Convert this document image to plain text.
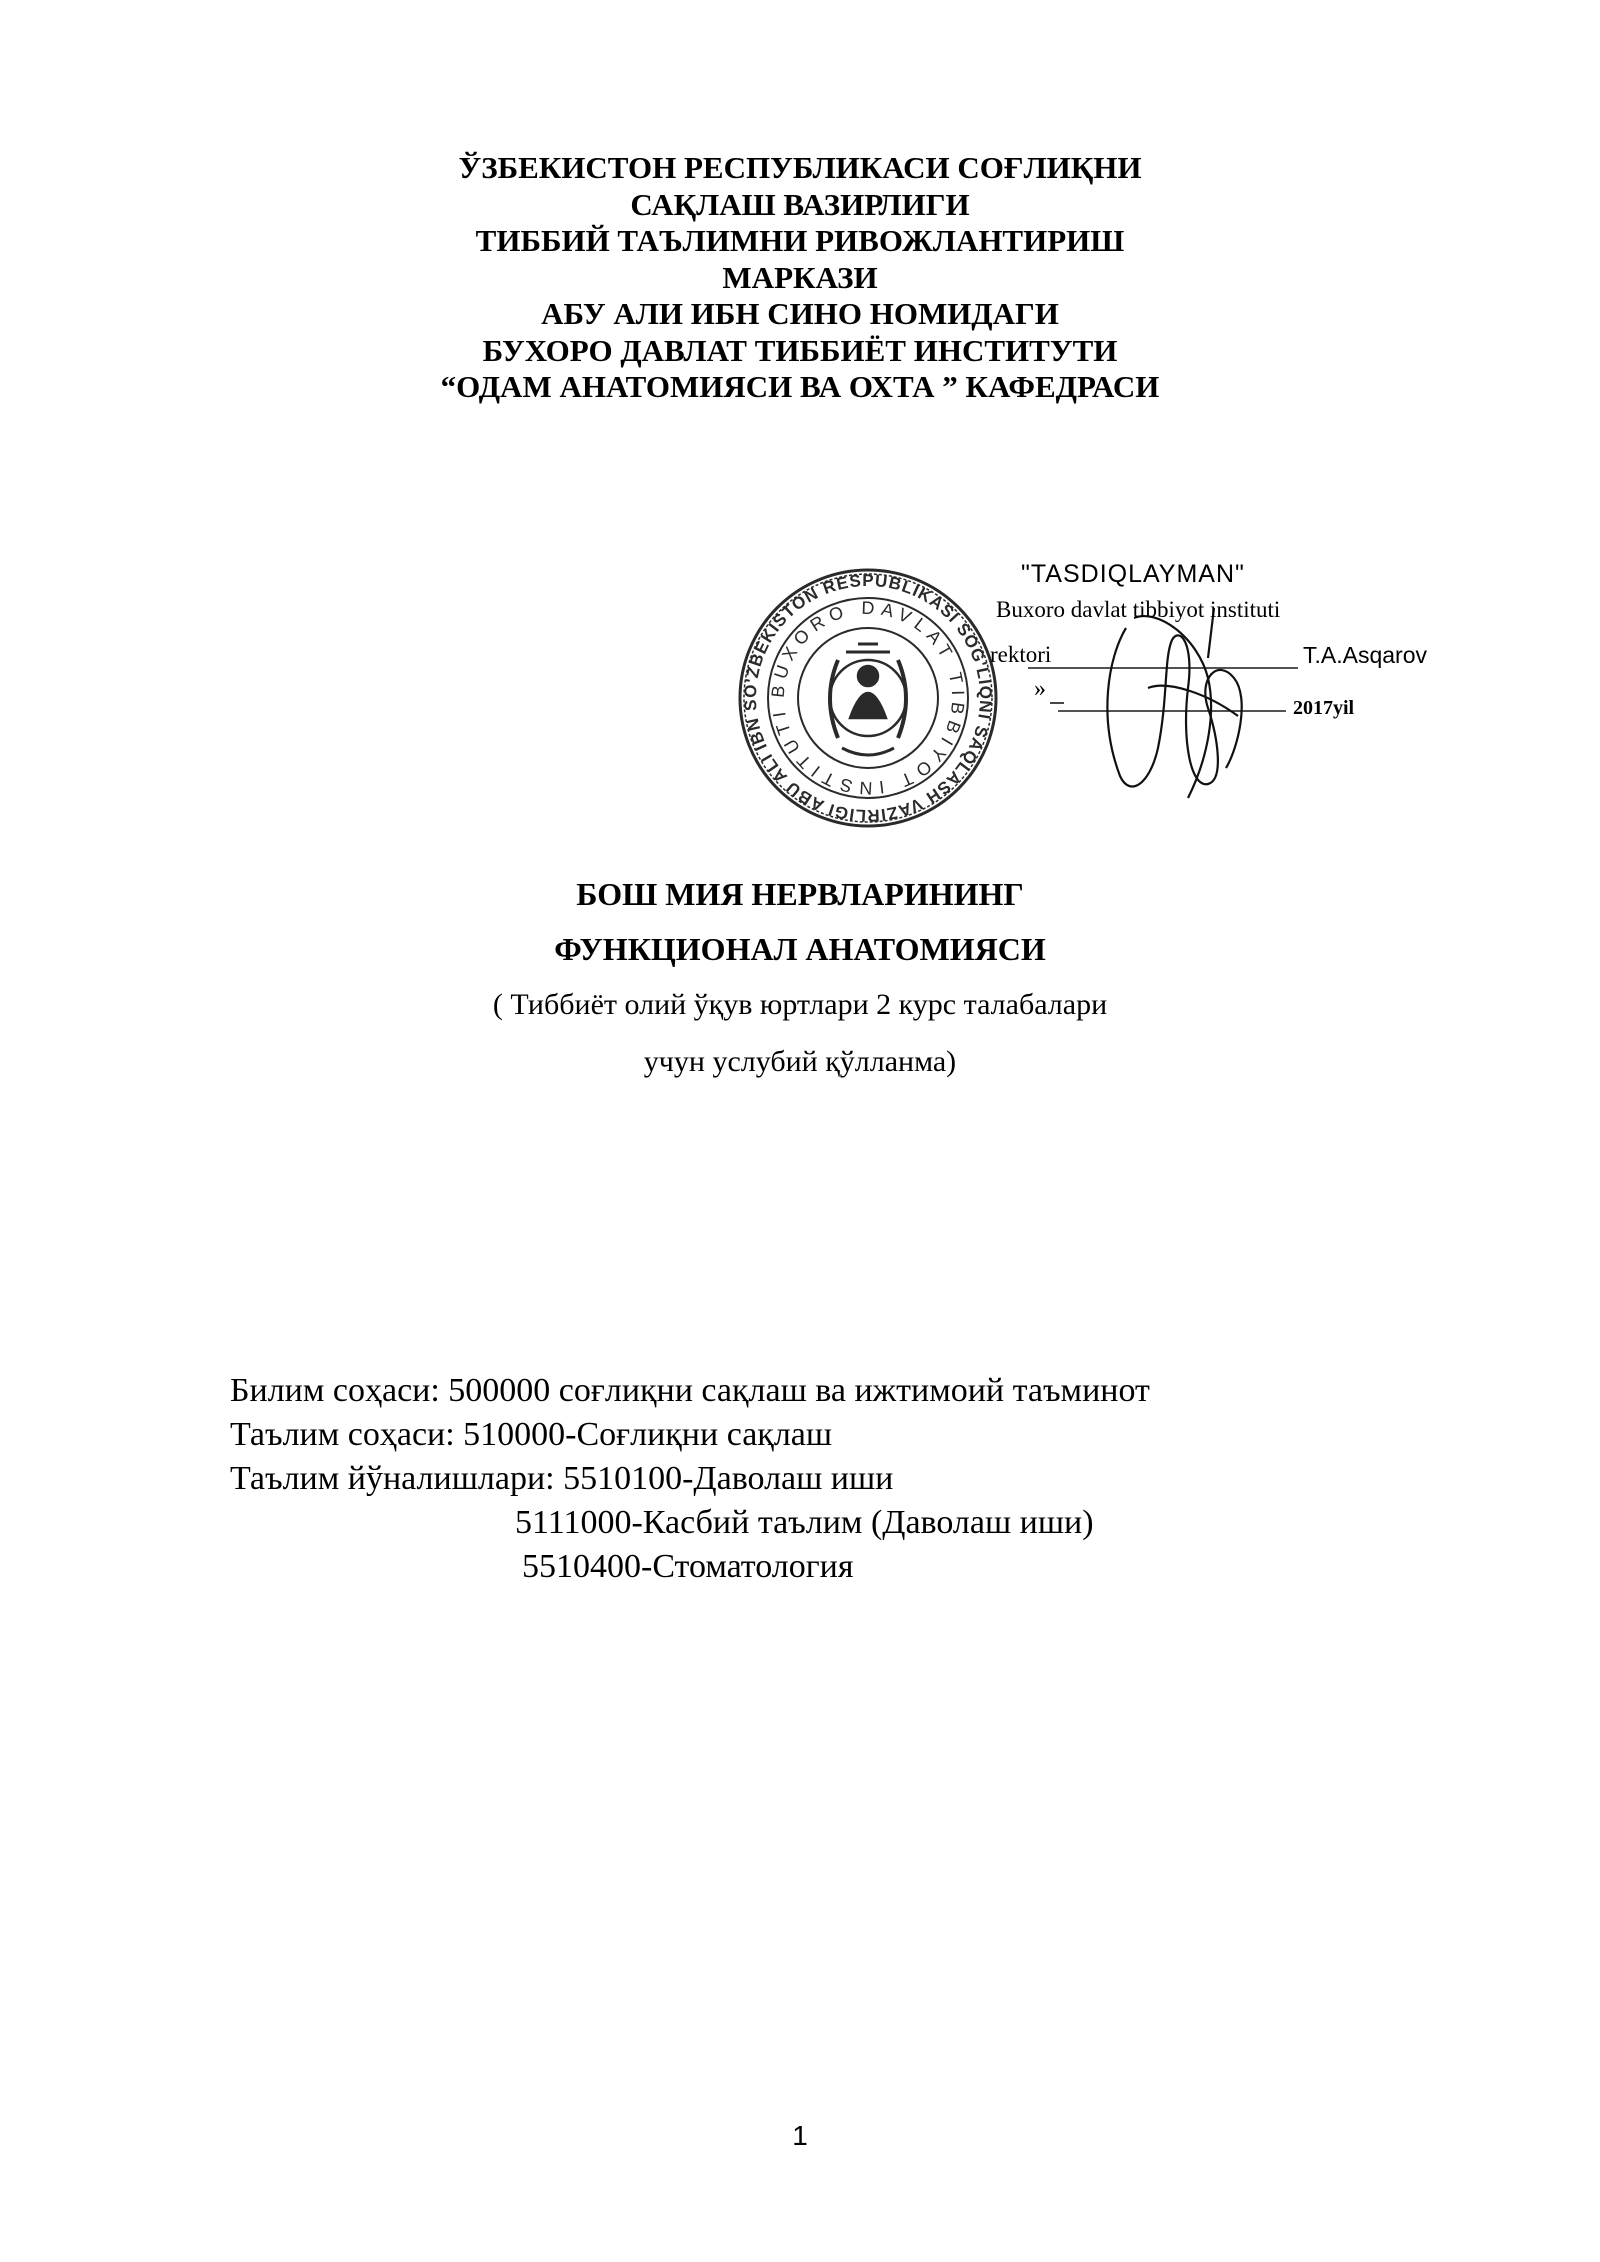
ЎЗБЕКИСТОН РЕСПУБЛИКАСИ СОҒЛИҚНИ
САҚЛАШ ВАЗИРЛИГИ
ТИББИЙ ТАЪЛИМНИ РИВОЖЛАНТИРИШ
МАРКАЗИ
АБУ АЛИ ИБН СИНО НОМИДАГИ
БУХОРО ДАВЛАТ ТИББИЁТ ИНСТИТУТИ
“ОДАМ АНАТОМИЯСИ ВА ОХТА ” КАФЕДРАСИ
O'ZBEKISTON RESPUBLIKASI SOG'LIQNI SAQLASH VAZIRLIGI ABU ALI IBN SINO NOMIDAGI
BUXORO DAVLAT TIBBIYOT INSTITUTI
"TASDIQLAYMAN"
Buxoro davlat tibbiyot instituti
rektori	T.A.Asqarov
»
2017yil
БОШ МИЯ НЕРВЛАРИНИНГ
ФУНКЦИОНАЛ АНАТОМИЯСИ
( Тиббиёт олий ўқув юртлари 2 курс талабалари
учун услубий қўлланма)
Билим соҳаси: 500000 соғлиқни сақлаш ва ижтимоий таъминот
Таълим соҳаси: 510000-Соғлиқни сақлаш
Таълим йўналишлари: 5510100-Даволаш иши
5111000-Касбий таълим (Даволаш иши)
5510400-Стоматология
1
